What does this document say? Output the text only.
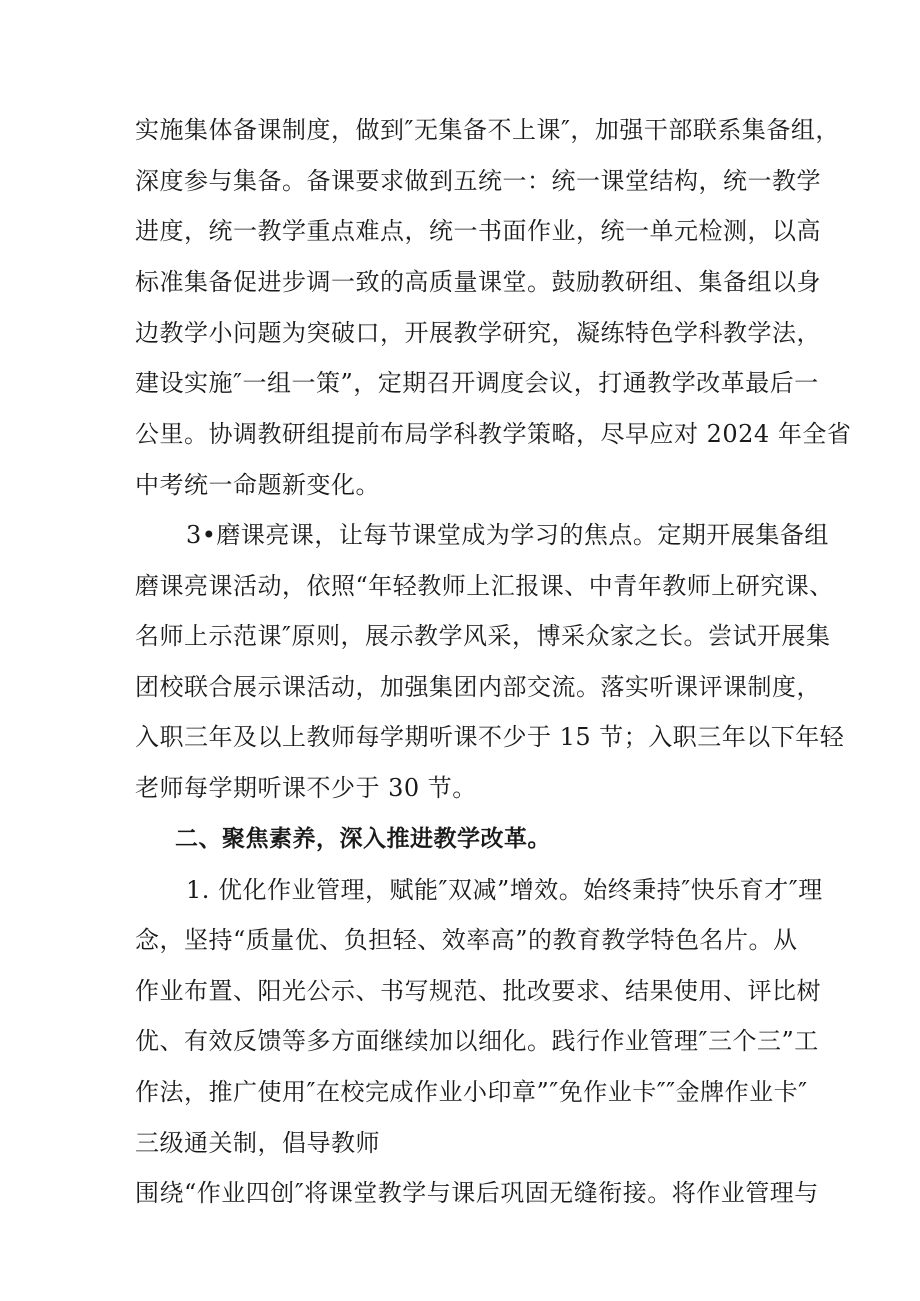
实施集体备课制度，做到″无集备不上课″，加强干部联系集备组，
深度参与集备。备课要求做到五统一：统一课堂结构，统一教学
进度，统一教学重点难点，统一书面作业，统一单元检测，以高
标准集备促进步调一致的高质量课堂。鼓励教研组、集备组以身
边教学小问题为突破口，开展教学研究，凝练特色学科教学法，
建设实施″一组一策”，定期召开调度会议，打通教学改革最后一
公里。协调教研组提前布局学科教学策略，尽早应对 2024 年全省
中考统一命题新变化。
3•磨课亮课，让每节课堂成为学习的焦点。定期开展集备组
磨课亮课活动，依照“年轻教师上汇报课、中青年教师上研究课、
名师上示范课″原则，展示教学风采，博采众家之长。尝试开展集
团校联合展示课活动，加强集团内部交流。落实听课评课制度，
入职三年及以上教师每学期听课不少于 15 节；入职三年以下年轻
老师每学期听课不少于 30 节。
二、聚焦素养，深入推进教学改革。
1. 优化作业管理，赋能″双减”增效。始终秉持″快乐育才″理
念，坚持“质量优、负担轻、效率高”的教育教学特色名片。从
作业布置、阳光公示、书写规范、批改要求、结果使用、评比树
优、有效反馈等多方面继续加以细化。践行作业管理″三个三”工
作法，推广使用″在校完成作业小印章”″免作业卡″″金牌作业卡″
三级通关制，倡导教师
围绕“作业四创″将课堂教学与课后巩固无缝衔接。将作业管理与
